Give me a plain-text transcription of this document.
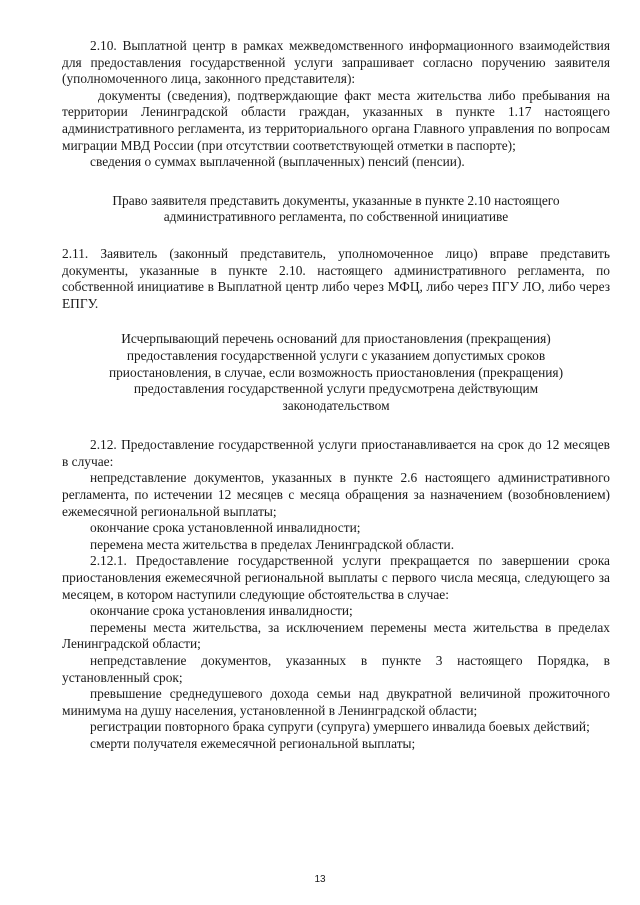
2.10. Выплатной центр в рамках межведомственного информационного взаимодействия для предоставления государственной услуги запрашивает согласно поручению заявителя (уполномоченного лица, законного представителя):

документы (сведения), подтверждающие факт места жительства либо пребывания на территории Ленинградской области граждан, указанных в пункте 1.17 настоящего административного регламента, из территориального органа Главного управления по вопросам миграции МВД России (при отсутствии соответствующей отметки в паспорте);

сведения о суммах выплаченной (выплаченных) пенсий (пенсии).

Право заявителя представить документы, указанные в пункте 2.10 настоящего административного регламента, по собственной инициативе

2.11. Заявитель (законный представитель, уполномоченное лицо) вправе представить документы, указанные в пункте 2.10. настоящего административного регламента, по собственной инициативе в Выплатной центр либо через МФЦ, либо через ПГУ ЛО, либо через ЕПГУ.

Исчерпывающий перечень оснований для приостановления (прекращения) предоставления государственной услуги с указанием допустимых сроков приостановления, в случае, если возможность приостановления (прекращения) предоставления государственной услуги предусмотрена действующим законодательством

2.12. Предоставление государственной услуги приостанавливается на срок до 12 месяцев в случае:

непредставление документов, указанных в пункте 2.6 настоящего административного регламента, по истечении 12 месяцев с месяца обращения за назначением (возобновлением) ежемесячной региональной выплаты;

окончание срока установленной инвалидности;

перемена места жительства в пределах Ленинградской области.

2.12.1. Предоставление государственной услуги прекращается по завершении срока приостановления ежемесячной региональной выплаты с первого числа месяца, следующего за месяцем, в котором наступили следующие обстоятельства в случае:

окончание срока установления инвалидности;

перемены места жительства, за исключением перемены места жительства в пределах Ленинградской области;

непредставление документов, указанных в пункте 3 настоящего Порядка, в установленный срок;

превышение среднедушевого дохода семьи над двукратной величиной прожиточного минимума на душу населения, установленной в Ленинградской области;

регистрации повторного брака супруги (супруга) умершего инвалида боевых действий;

смерти получателя ежемесячной региональной выплаты;

13
